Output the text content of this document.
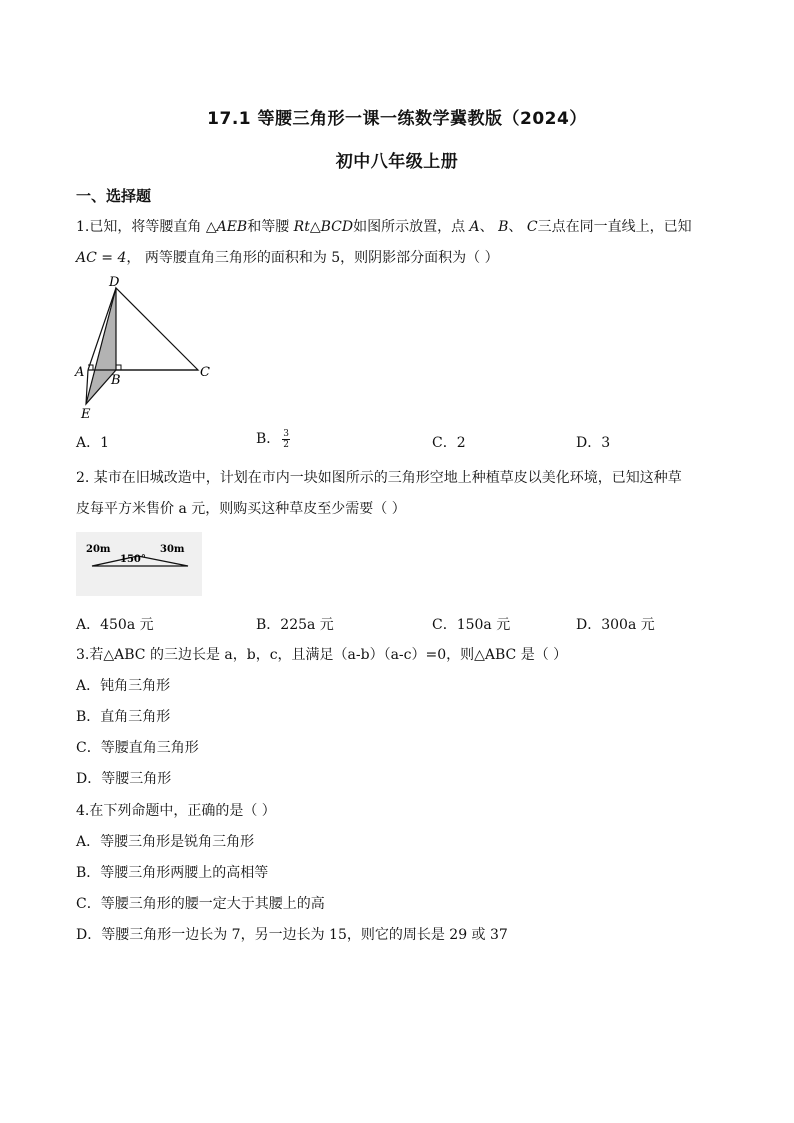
17.1 等腰三角形一课一练数学冀教版（2024）
初中八年级上册
一、选择题
1.已知，将等腰直角 △AEB和等腰 Rt△BCD如图所示放置，点 A、 B、 C三点在同一直线上，已知
AC = 4， 两等腰直角三角形的面积和为 5，则阴影部分面积为（ ）
D
A
B
C
E
A．1	B． $\frac{3}{2}$	C．2	D．3
2. 某市在旧城改造中，计划在市内一块如图所示的三角形空地上种植草皮以美化环境，已知这种草
皮每平方米售价 a 元，则购买这种草皮至少需要（ ）
20m
150°
30m
A．450a 元	B．225a 元	C．150a 元	D．300a 元
3.若△ABC 的三边长是 a，b，c，且满足（a-b）（a-c）=0，则△ABC 是（ ）
A．钝角三角形
B．直角三角形
C．等腰直角三角形
D．等腰三角形
4.在下列命题中，正确的是（ ）
A．等腰三角形是锐角三角形
B．等腰三角形两腰上的高相等
C．等腰三角形的腰一定大于其腰上的高
D．等腰三角形一边长为 7，另一边长为 15，则它的周长是 29 或 37
